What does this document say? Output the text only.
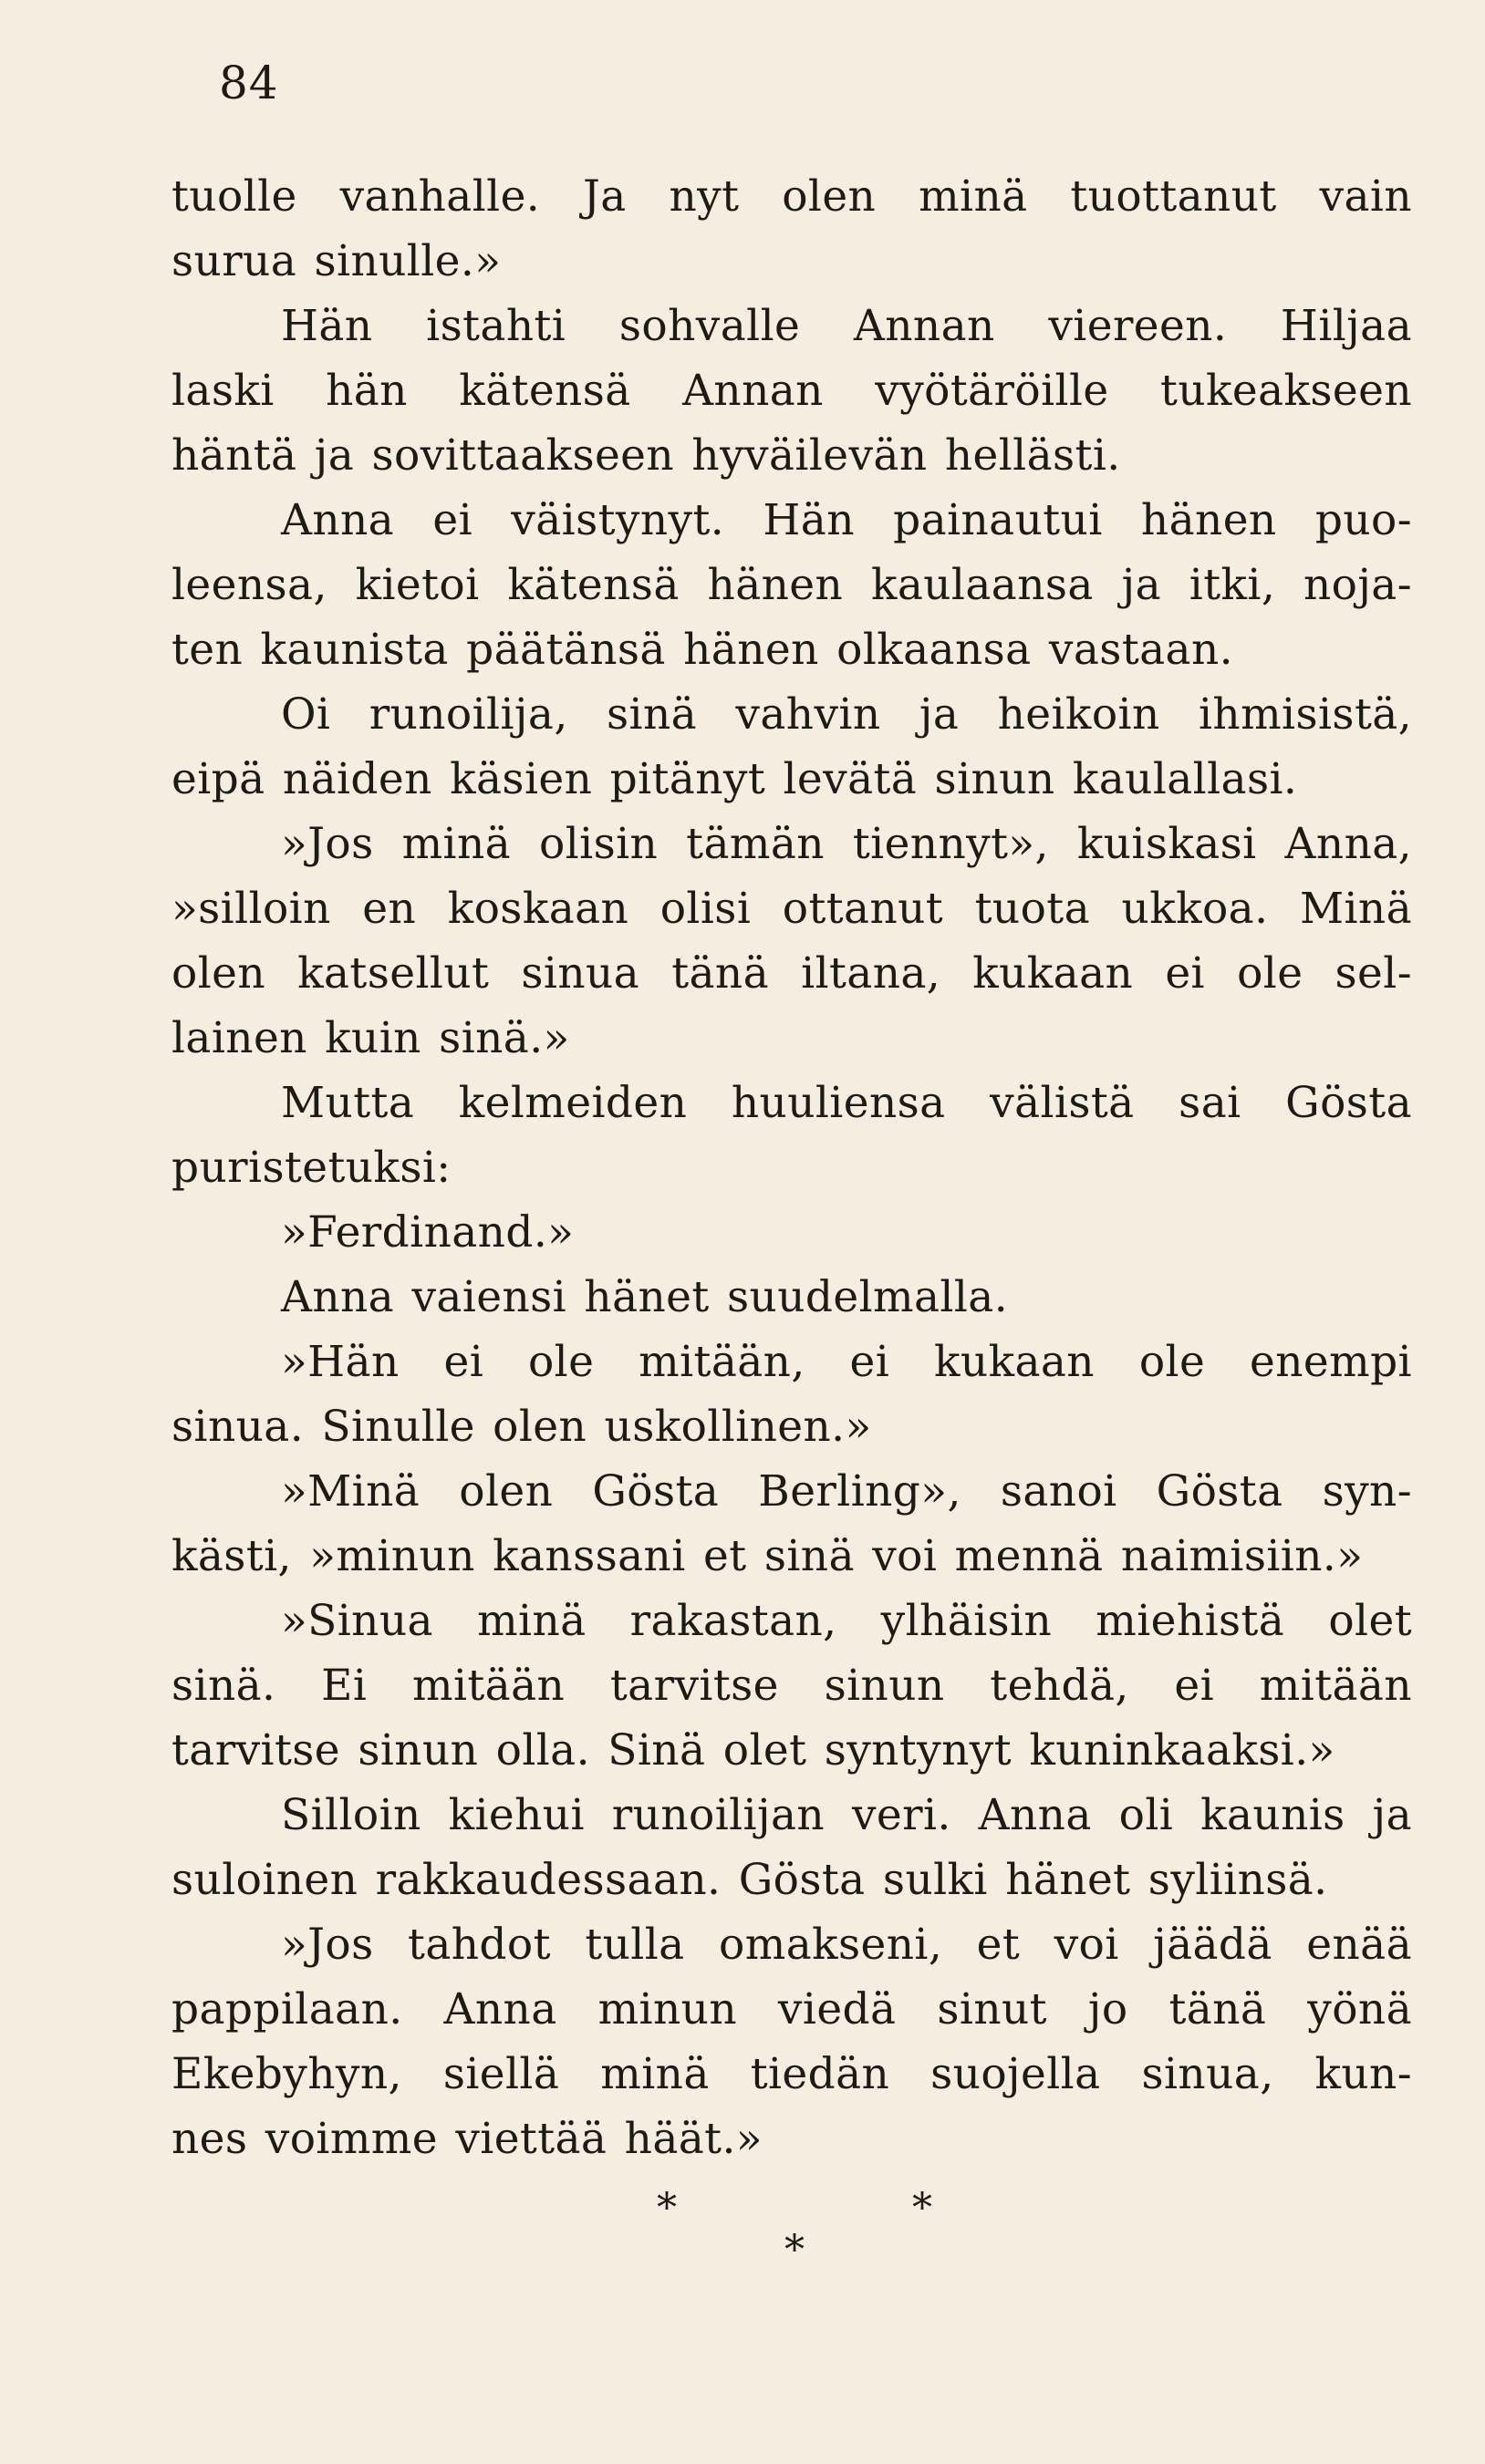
84
tuolle vanhalle. Ja nyt olen minä tuottanut vain
surua sinulle.»
Hän istahti sohvalle Annan viereen. Hiljaa
laski hän kätensä Annan vyötäröille tukeakseen
häntä ja sovittaakseen hyväilevän hellästi.
Anna ei väistynyt. Hän painautui hänen puo-
leensa, kietoi kätensä hänen kaulaansa ja itki, noja-
ten kaunista päätänsä hänen olkaansa vastaan.
Oi runoilija, sinä vahvin ja heikoin ihmisistä,
eipä näiden käsien pitänyt levätä sinun kaulallasi.
»Jos minä olisin tämän tiennyt», kuiskasi Anna,
»silloin en koskaan olisi ottanut tuota ukkoa. Minä
olen katsellut sinua tänä iltana, kukaan ei ole sel-
lainen kuin sinä.»
Mutta kelmeiden huuliensa välistä sai Gösta
puristetuksi:
»Ferdinand.»
Anna vaiensi hänet suudelmalla.
»Hän ei ole mitään, ei kukaan ole enempi
sinua. Sinulle olen uskollinen.»
»Minä olen Gösta Berling», sanoi Gösta syn-
kästi, »minun kanssani et sinä voi mennä naimisiin.»
»Sinua minä rakastan, ylhäisin miehistä olet
sinä. Ei mitään tarvitse sinun tehdä, ei mitään
tarvitse sinun olla. Sinä olet syntynyt kuninkaaksi.»
Silloin kiehui runoilijan veri. Anna oli kaunis ja
suloinen rakkaudessaan. Gösta sulki hänet syliinsä.
»Jos tahdot tulla omakseni, et voi jäädä enää
pappilaan. Anna minun viedä sinut jo tänä yönä
Ekebyhyn, siellä minä tiedän suojella sinua, kun-
nes voimme viettää häät.»
*	*
*
